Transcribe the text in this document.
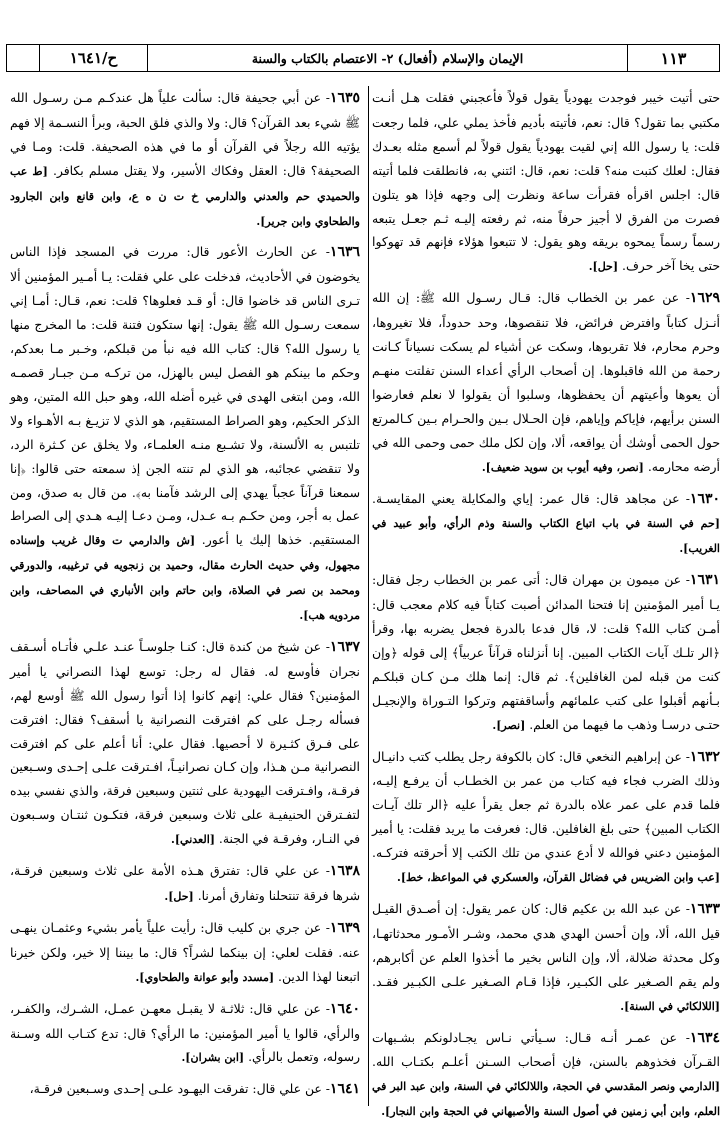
١١٣
الإيمان والإسلام (أفعال) ٢- الاعتصام بالكتاب والسنة
ح/١٦٤١

حتى أتيت خيبر فوجدت يهودياً يقول قولاً فأعجبني فقلت هـل أنـت مكتبي بما تقول؟ قال: نعم، فأتيته بأديم فأخذ يملي علي، فلما رجعت قلت: يا رسول الله إني لقيت يهودياً يقول قولاً لم أسمع مثله بعـدك فقال: لعلك كتبت منه؟ قلت: نعم، قال: ائتني به، فانطلقت فلما أتيته قال: اجلس اقرأه فقرأت ساعة ونظرت إلى وجهه فإذا هو يتلون فصرت من الفرق لا أجيز حرفاً منه، ثم رفعته إليـه ثـم جعـل يتبعه رسماً رسماً يمحوه بريقه وهو يقول: لا تتبعوا هؤلاء فإنهم قد تهوكوا حتى يخا آخر حرف. [حل].

١٦٢٩- عن عمر بن الخطاب قال: قـال رسـول الله ﷺ: إن الله أنـزل كتاباً وافترض فرائض، فلا تنقصوها، وحد حدوداً، فلا تغيروها، وحرم محارم، فلا تقربوها، وسكت عن أشياء لم يسكت نسياناً كـانت رحمة من الله فاقبلوها. إن أصحاب الرأي أعداء السنن تفلتت منهـم أن يعوها وأعيتهم أن يحفظوها، وسلبوا أن يقولوا لا نعلم فعارضوا السنن برأيهم، فإياكم وإياهم، فإن الحـلال بـين والحـرام بـين كـالمرتع حول الحمى أوشك أن يواقعه، ألا، وإن لكل ملك حمى وحمى الله في أرضه محارمه. [نصر، وفيه أيوب بن سويد ضعيف].

١٦٣٠- عن مجاهد قال: قال عمر: إياي والمكايلة يعني المقايسـة. [حم في السنة في باب اتباع الكتاب والسنة وذم الرأي، وأبو عبيد في الغريب].

١٦٣١- عن ميمون بن مهران قال: أتى عمر بن الخطاب رجل فقال: يـا أمير المؤمنين إنا فتحنا المدائن أصبت كتاباً فيه كلام معجب قال: أمـن كتاب الله؟ قلت: لا، قال فدعا بالدرة فجعل يضربه بها، وقرأ ﴿الر تلـك آيات الكتاب المبين. إنا أنزلناه قرآناً عربياً﴾ إلى قوله ﴿وإن كنت من قبله لمن الغافلين﴾. ثم قال: إنما هلك مـن كـان قبلكـم بـأنهم أقبلوا على كتب علمائهم وأساقفتهم وتركوا التـوراة والإنجيـل حتـى درسـا وذهب ما فيهما من العلم. [نصر].

١٦٣٢- عن إبراهيم النخعي قال: كان بالكوفة رجل يطلب كتب دانيـال وذلك الضرب فجاء فيه كتاب من عمر بن الخطـاب أن يرفـع إليـه، فلما قدم على عمر علاه بالدرة ثم جعل يقرأ عليه ﴿الر تلك آيـات الكتاب المبين﴾ حتى بلغ الغافلين. قال: فعرفت ما يريد فقلت: يا أمير المؤمنين دعني فوالله لا أدع عندي من تلك الكتب إلا أحرقته فتركـه. [عب وابن الضريس في فضائل القرآن، والعسكري في المواعظ، خط].

١٦٣٣- عن عبد الله بن عكيم قال: كان عمر يقول: إن أصـدق القيـل قيل الله، ألا، وإن أحسن الهدي هدي محمد، وشـر الأمـور محدثاتهـا، وكل محدثة ضلالة، ألا، وإن الناس بخير ما أخذوا العلم عن أكابرهم، ولم يقم الصـغير على الكبـير، فإذا قـام الصـغير علـى الكبـير فقـد. [اللالكائي في السنة].

١٦٣٤- عن عمـر أنـه قـال: سـيأتي نـاس يجـادلونكم بشـبهات القـرآن فخذوهم بالسنن، فإن أصحاب السـنن أعلـم بكتـاب الله. [الدارمي ونصر المقدسي في الحجة، واللالكائي في السنة، وابن عبد البر في العلم، وابن أبي زمنين في أصول السنة والأصبهاني في الحجة وابن النجار].

١٦٣٥- عن أبي جحيفة قال: سألت علياً هل عندكـم مـن رسـول الله ﷺ شيء بعد القرآن؟ قال: ولا والذي فلق الحبة، وبرأ النسـمة إلا فهم يؤتيه الله رجلاً في القرآن أو ما في هذه الصحيفة. قلت: ومـا في الصحيفة؟ قال: العقل وفكاك الأسير، ولا يقتل مسلم بكافر. [ط عب والحميدي حم والعدني والدارمي خ ت ن ه ع، وابن قانع وابن الجارود والطحاوي وابن جرير].

١٦٣٦- عن الحارث الأعور قال: مررت في المسجد فإذا الناس يخوضون في الأحاديث، فدخلت على علي فقلت: يـا أمـير المؤمنين ألا تـرى الناس قد خاضوا قال: أو قـد فعلوها؟ قلت: نعم، قـال: أمـا إني سمعت رسـول الله ﷺ يقول: إنها ستكون فتنة قلت: ما المخرج منها يا رسول الله؟ قال: كتاب الله فيه نبأ من قبلكم، وخـبر مـا بعدكم، وحكم ما بينكم هو الفصل ليس بالهزل، من تركـه مـن جبـار قصمـه الله، ومن ابتغى الهدى في غيره أضله الله، وهو حبل الله المتين، وهو الذكر الحكيم، وهو الصراط المستقيم، هو الذي لا تزيـغ بـه الأهـواء ولا تلتبس به الألسنة، ولا تشـبع منـه العلمـاء، ولا يخلق عن كـثرة الرد، ولا تنقضي عجائبه، هو الذي لم تنته الجن إذ سمعته حتى قالوا: ﴿إنا سمعنا قرآناً عجباً يهدي إلى الرشد فآمنا به﴾. من قال به صدق، ومن عمل به أجر، ومن حكـم بـه عـدل، ومـن دعـا إليـه هـدي إلى الصراط المستقيم. خذها إليك يا أعور. [ش والدارمي ت وقال غريب وإسناده مجهول، وفي حديث الحارث مقال، وحميد بن زنجويه في ترغيبه، والدورقي ومحمد بن نصر في الصلاة، وابن حاتم وابن الأنباري في المصاحف، وابن مردويه هب].

١٦٣٧- عن شيخ من كندة قال: كنـا جلوسـاً عنـد علـي فأتـاه أسـقف نجران فأوسع له. فقال له رجل: توسع لهذا النصراني يا أمير المؤمنين؟ فقال علي: إنهم كانوا إذا أتوا رسول الله ﷺ أوسع لهم، فسأله رجـل على كم افترقت النصرانية يا أسقف؟ فقال: افترقت على فـرق كثـيرة لا أحصيها. فقال علي: أنا أعلم على كم افترقت النصرانية مـن هـذا، وإن كـان نصرانيـاً، افـترقت علـى إحـدى وسـبعين فرقـة، وافـترقت اليهودية على ثنتين وسبعين فرقة، والذي نفسي بيده لتفـترقن الحنيفيـة على ثلاث وسبعين فرقة، فتكـون ثنتـان وسـبعون في النـار، وفرقـة في الجنة. [العدني].

١٦٣٨- عن علي قال: تفترق هـذه الأمة على ثلاث وسبعين فرقـة، شرها فرقة تنتحلنا وتفارق أمرنا. [حل].

١٦٣٩- عن جري بن كليب قال: رأيت علياً يأمر بشيء وعثمـان ينهـى عنه. فقلت لعلي: إن بينكما لشراً؟ قال: ما بيننا إلا خير، ولكن خيرنا اتبعنا لهذا الدين. [مسدد وأبو عوانة والطحاوي].

١٦٤٠- عن علي قال: ثلاثـة لا يقبـل معهـن عمـل، الشـرك، والكفـر، والرأي، قالوا يا أمير المؤمنين: ما الرأي؟ قال: تدع كتـاب الله وسـنة رسوله، وتعمل بالرأي. [ابن بشران].

١٦٤١- عن علي قال: تفرقت اليهـود علـى إحـدى وسـبعين فرقـة،
